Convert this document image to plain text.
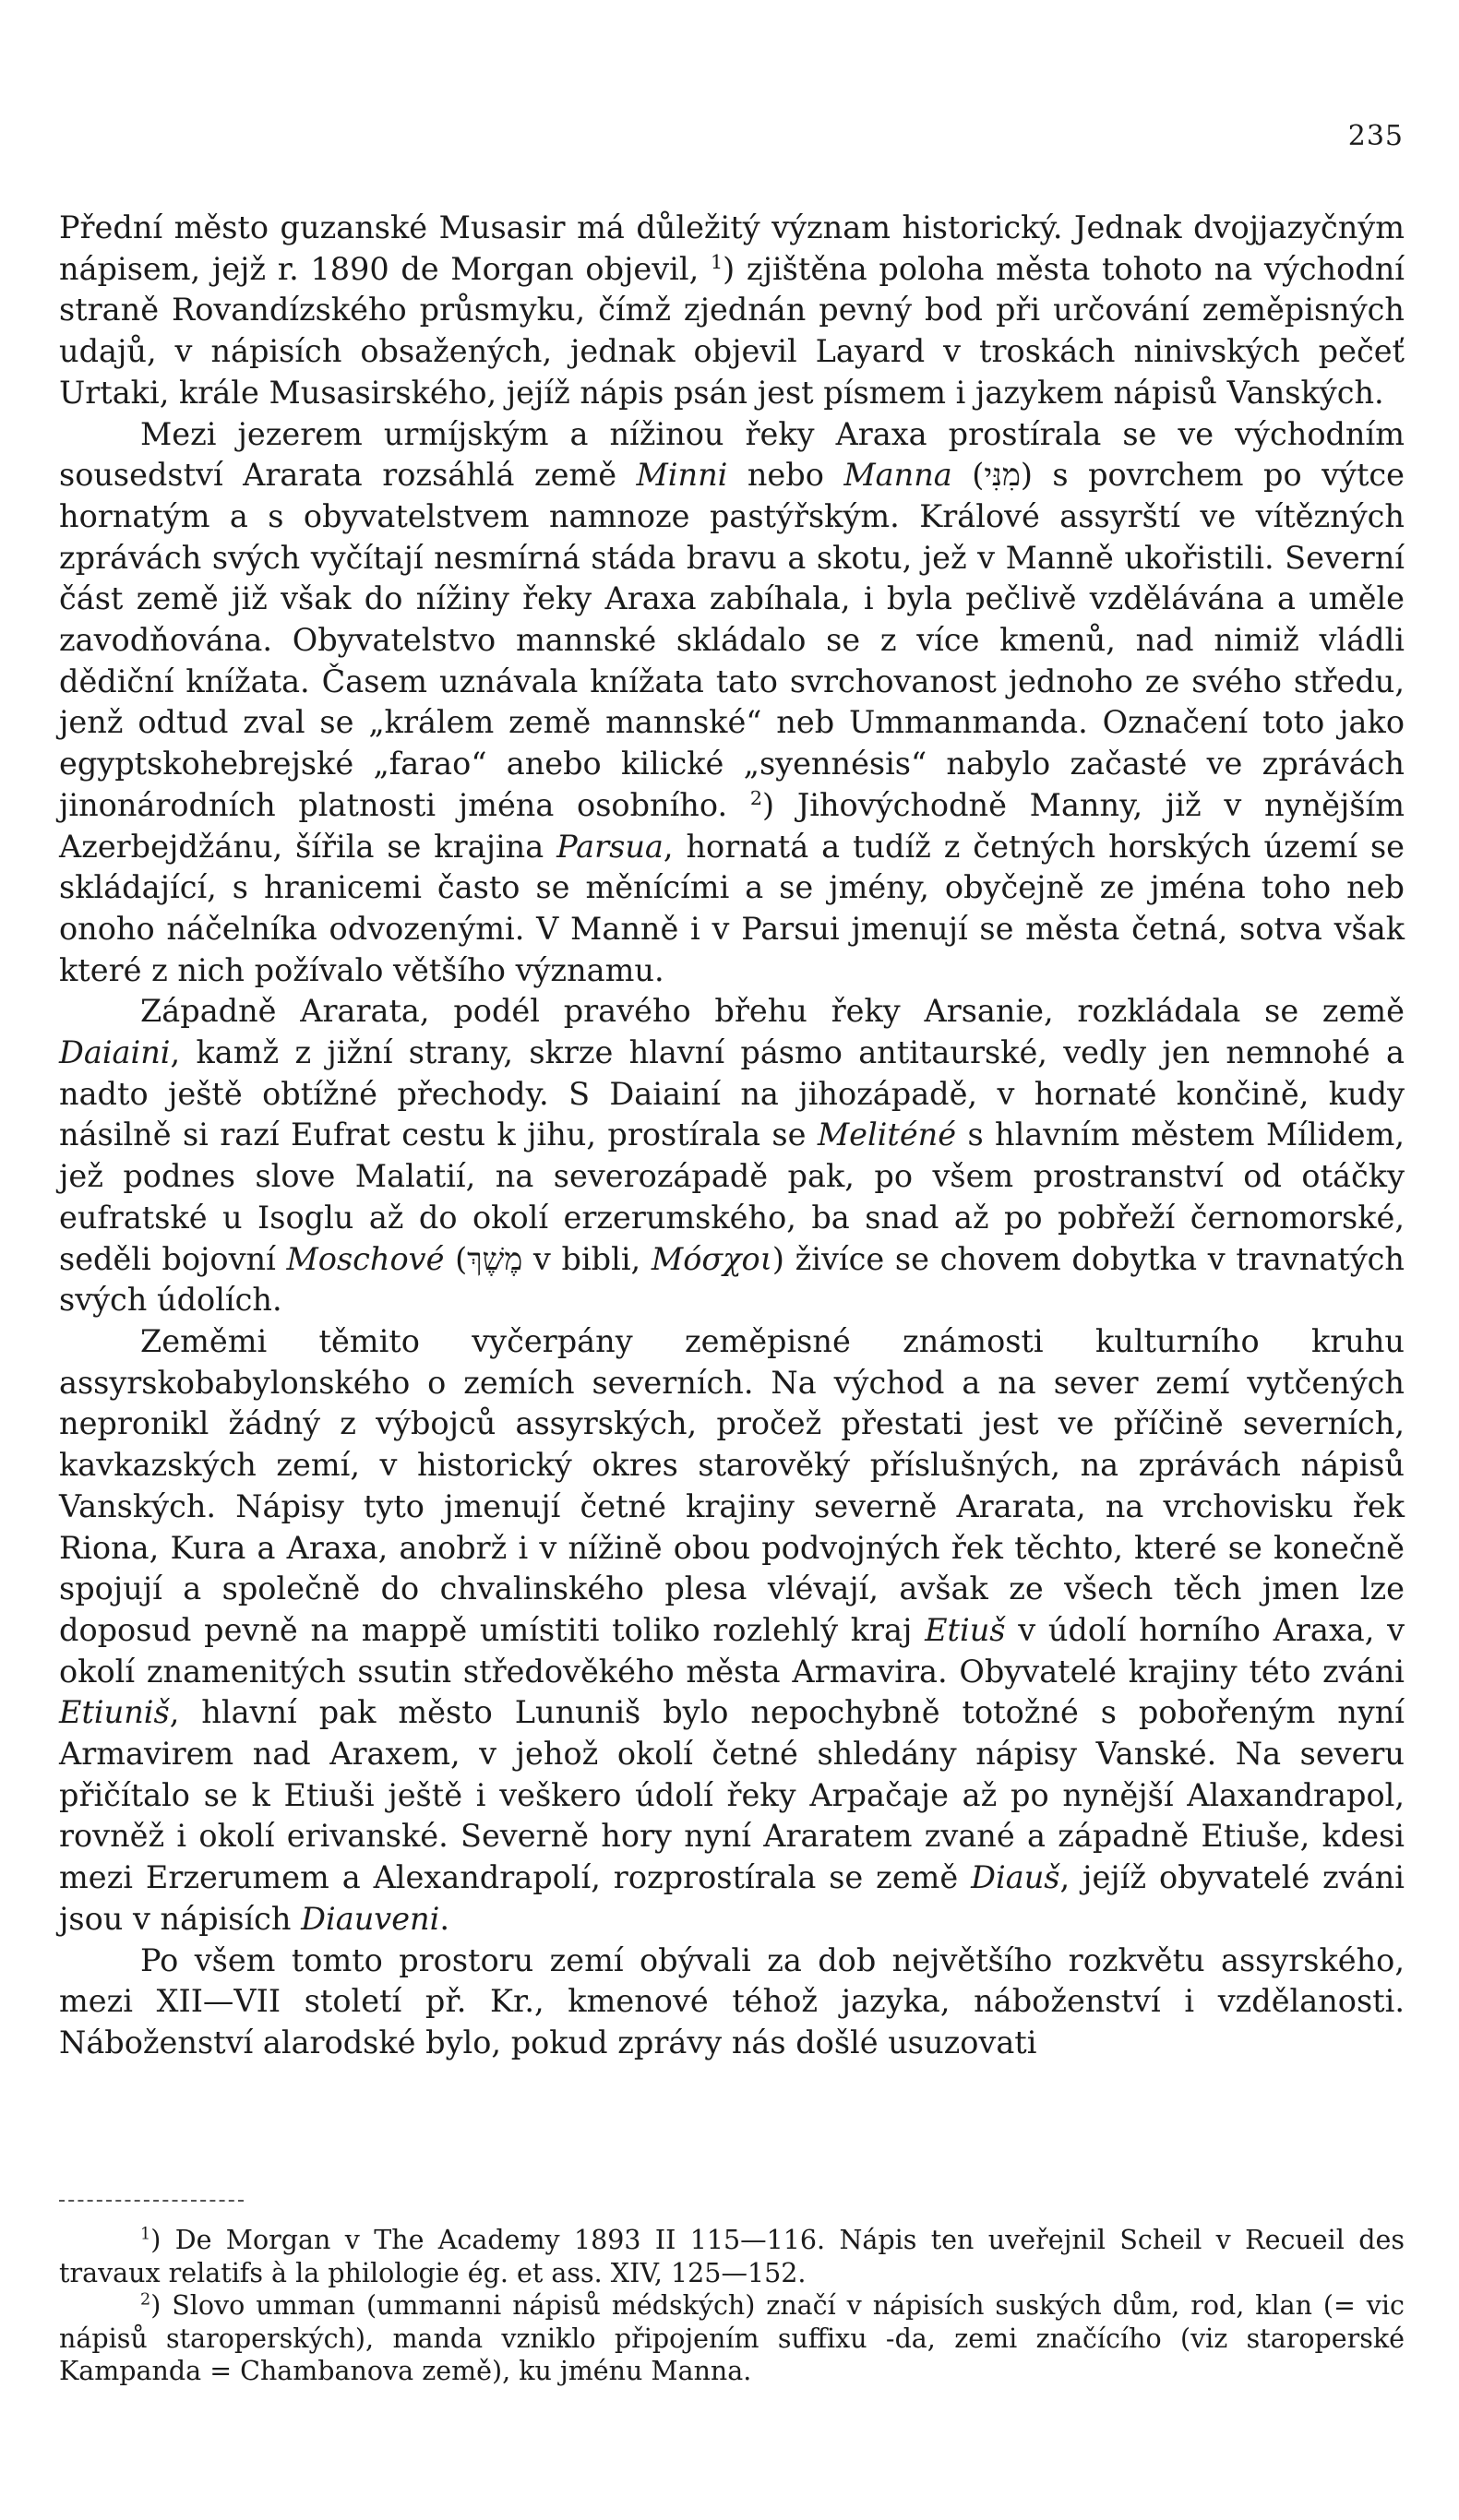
235

Přední město guzanské Musasir má důležitý význam historický. Jednak dvojjazyčným nápisem, jejž r. 1890 de Morgan objevil, $^1$) zjištěna poloha města tohoto na východní straně Rovandízského průsmyku, čímž zjednán pevný bod při určování zeměpisných udajů, v nápisích obsažených, jednak objevil Layard v troskách ninivských pečeť Urtaki, krále Musasirského, jejíž nápis psán jest písmem i jazykem nápisů Vanských.

Mezi jezerem urmíjským a nížinou řeky Araxa prostírala se ve východním sousedství Ararata rozsáhlá země Minni nebo Manna (מִנִּי) s povrchem po výtce hornatým a s obyvatelstvem namnoze pastýřským. Králové assyrští ve vítězných zprávách svých vyčítají nesmírná stáda bravu a skotu, jež v Manně ukořistili. Severní část země již však do nížiny řeky Araxa zabíhala, i byla pečlivě vzdělávána a uměle zavodňována. Obyvatelstvo mannské skládalo se z více kmenů, nad nimiž vládli dědiční knížata. Časem uznávala knížata tato svrchovanost jednoho ze svého středu, jenž odtud zval se „králem země mannské“ neb Ummanmanda. Označení toto jako egyptskohebrejské „farao“ anebo kilické „syennésis“ nabylo začasté ve zprávách jinonárodních platnosti jména osobního. $^2$) Jihovýchodně Manny, již v nynějším Azerbejdžánu, šířila se krajina Parsua, hornatá a tudíž z četných horských území se skládající, s hranicemi často se měnícími a se jmény, obyčejně ze jména toho neb onoho náčelníka odvozenými. V Manně i v Parsui jmenují se města četná, sotva však které z nich požívalo většího významu.

Západně Ararata, podél pravého břehu řeky Arsanie, rozkládala se země Daiaini, kamž z jižní strany, skrze hlavní pásmo antitaurské, vedly jen nemnohé a nadto ještě obtížné přechody. S Daiainí na jihozápadě, v hornaté končině, kudy násilně si razí Eufrat cestu k jihu, prostírala se Meliténé s hlavním městem Mílidem, jež podnes slove Malatií, na severozápadě pak, po všem prostranství od otáčky eufratské u Isoglu až do okolí erzerumského, ba snad až po pobřeží černomorské, seděli bojovní Moschové (מֶשֶׁךְ v bibli, Μόσχοι) živíce se chovem dobytka v travnatých svých údolích.

Zeměmi těmito vyčerpány zeměpisné známosti kulturního kruhu assyrskobabylonského o zemích severních. Na východ a na sever zemí vytčených nepronikl žádný z výbojců assyrských, pročež přestati jest ve příčině severních, kavkazských zemí, v historický okres starověký příslušných, na zprávách nápisů Vanských. Nápisy tyto jmenují četné krajiny severně Ararata, na vrchovisku řek Riona, Kura a Araxa, anobrž i v nížině obou podvojných řek těchto, které se konečně spojují a společně do chvalinského plesa vlévají, avšak ze všech těch jmen lze doposud pevně na mappě umístiti toliko rozlehlý kraj Etiuš v údolí horního Araxa, v okolí znamenitých ssutin středověkého města Armavira. Obyvatelé krajiny této zváni Etiuniš, hlavní pak město Lununiš bylo nepochybně totožné s pobořeným nyní Armavirem nad Araxem, v jehož okolí četné shledány nápisy Vanské. Na severu přičítalo se k Etiuši ještě i veškero údolí řeky Arpačaje až po nynější Alaxandrapol, rovněž i okolí erivanské. Severně hory nyní Araratem zvané a západně Etiuše, kdesi mezi Erzerumem a Alexandrapolí, rozprostírala se země Diauš, jejíž obyvatelé zváni jsou v nápisích Diauveni.

Po všem tomto prostoru zemí obývali za dob největšího rozkvětu assyrského, mezi XII—VII století př. Kr., kmenové téhož jazyka, náboženství i vzdělanosti. Náboženství alarodské bylo, pokud zprávy nás došlé usuzovati

$^1$) De Morgan v The Academy 1893 II 115—116. Nápis ten uveřejnil Scheil v Recueil des travaux relatifs à la philologie ég. et ass. XIV, 125—152.

$^2$) Slovo umman (ummanni nápisů médských) značí v nápisích suských dům, rod, klan (= vic nápisů staroperských), manda vzniklo připojením suffixu -da, zemi značícího (viz staroperské Kampanda = Chambanova země), ku jménu Manna.
